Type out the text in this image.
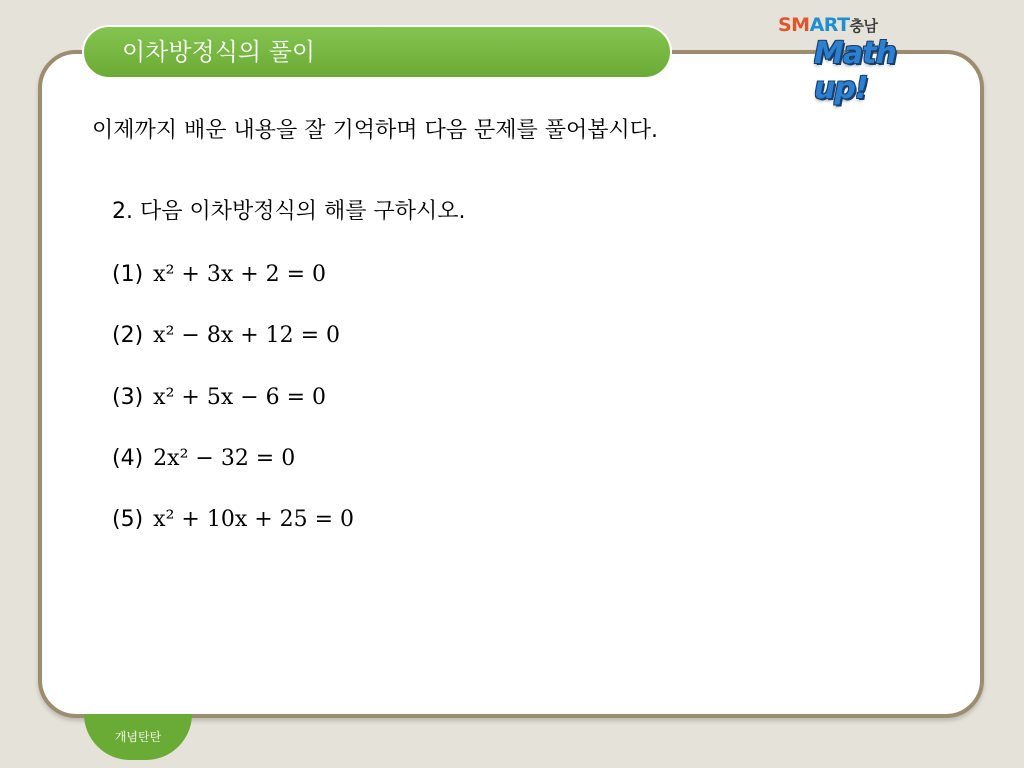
이차방정식의 풀이
SMART충남
Math up!
이제까지 배운 내용을 잘 기억하며 다음 문제를 풀어봅시다.
2. 다음 이차방정식의 해를 구하시오.
(1) x² + 3x + 2 = 0
(2) x² − 8x + 12 = 0
(3) x² + 5x − 6 = 0
(4) 2x² − 32 = 0
(5) x² + 10x + 25 = 0
개념탄탄
